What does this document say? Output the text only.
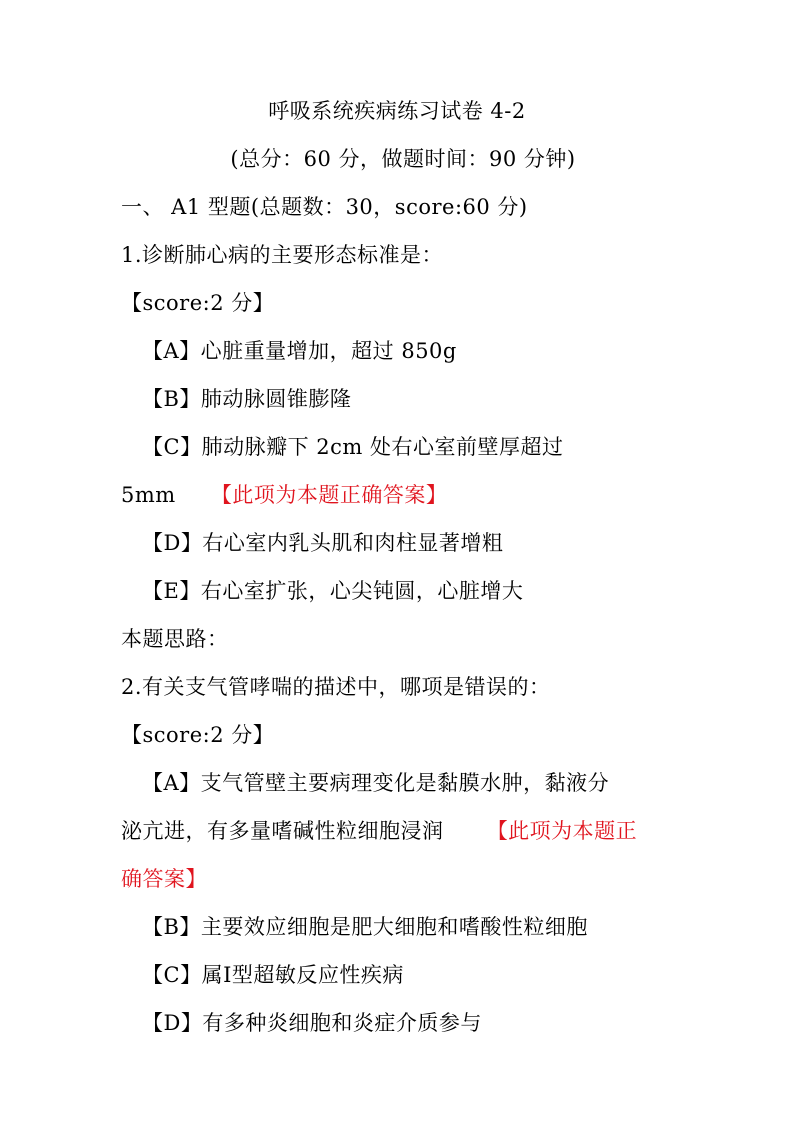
呼吸系统疾病练习试卷 4-2
(总分：60 分，做题时间：90 分钟)
一、 A1 型题(总题数：30，score:60 分)
1.诊断肺心病的主要形态标准是：
【score:2 分】
【A】心脏重量增加，超过 850g
【B】肺动脉圆锥膨隆
【C】肺动脉瓣下 2cm 处右心室前壁厚超过
5mm 【此项为本题正确答案】
【D】右心室内乳头肌和肉柱显著增粗
【E】右心室扩张，心尖钝圆，心脏增大
本题思路：
2.有关支气管哮喘的描述中，哪项是错误的：
【score:2 分】
【A】支气管壁主要病理变化是黏膜水肿，黏液分
泌亢进，有多量嗜碱性粒细胞浸润 【此项为本题正
确答案】
【B】主要效应细胞是肥大细胞和嗜酸性粒细胞
【C】属Ⅰ型超敏反应性疾病
【D】有多种炎细胞和炎症介质参与
